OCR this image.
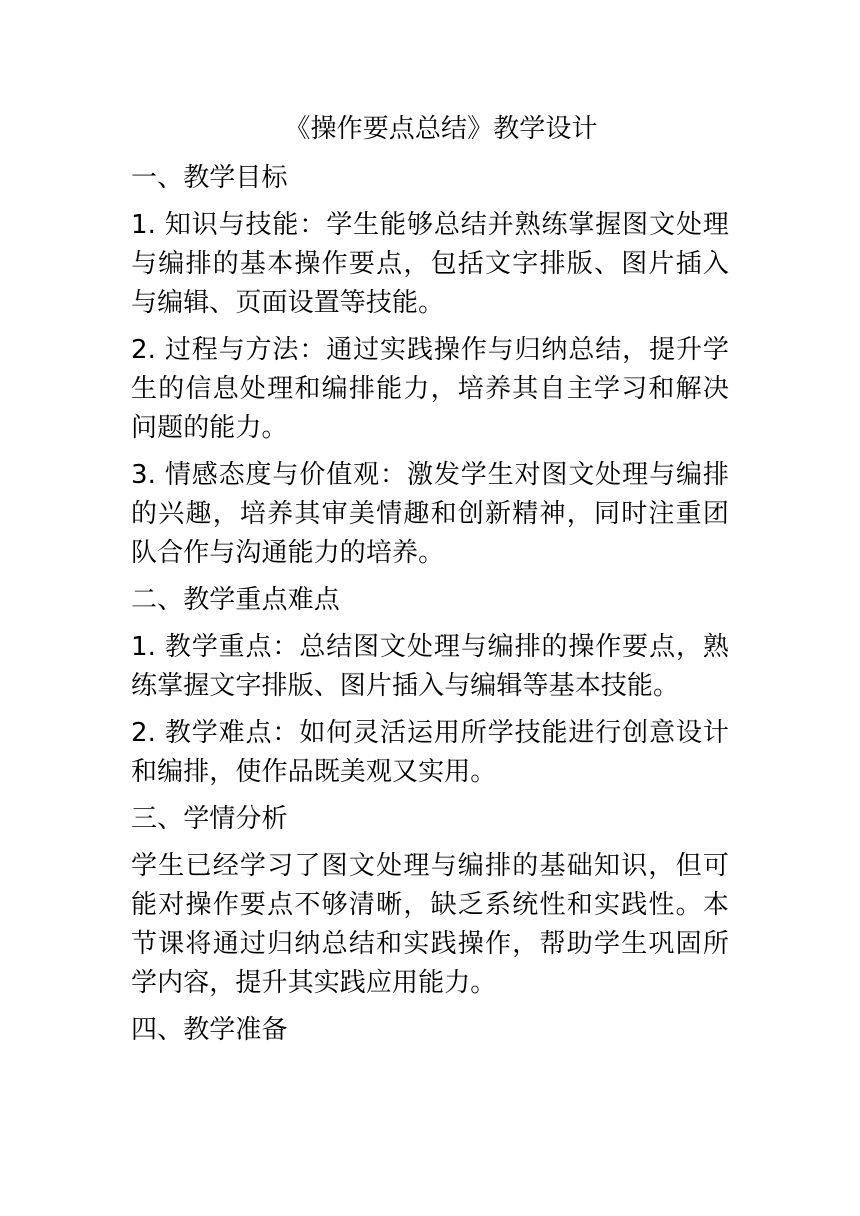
《操作要点总结》教学设计
一、教学目标
1. 知识与技能：学生能够总结并熟练掌握图文处理与编排的基本操作要点，包括文字排版、图片插入与编辑、页面设置等技能。
2. 过程与方法：通过实践操作与归纳总结，提升学生的信息处理和编排能力，培养其自主学习和解决问题的能力。
3. 情感态度与价值观：激发学生对图文处理与编排的兴趣，培养其审美情趣和创新精神，同时注重团队合作与沟通能力的培养。
二、教学重点难点
1. 教学重点：总结图文处理与编排的操作要点，熟练掌握文字排版、图片插入与编辑等基本技能。
2. 教学难点：如何灵活运用所学技能进行创意设计和编排，使作品既美观又实用。
三、学情分析
学生已经学习了图文处理与编排的基础知识，但可能对操作要点不够清晰，缺乏系统性和实践性。本节课将通过归纳总结和实践操作，帮助学生巩固所学内容，提升其实践应用能力。
四、教学准备
